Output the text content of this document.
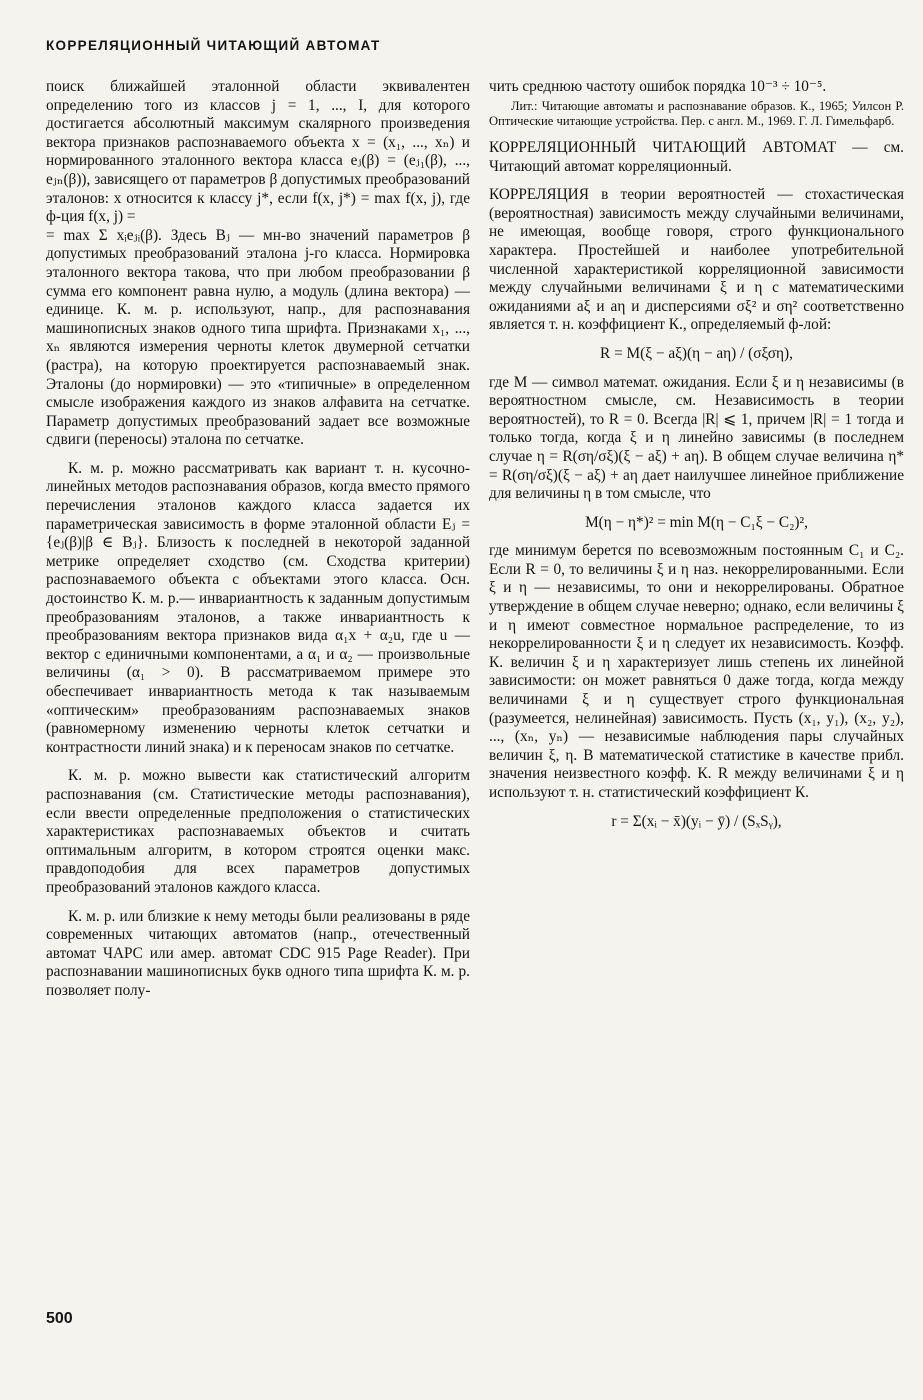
КОРРЕЛЯЦИОННЫЙ ЧИТАЮЩИЙ АВТОМАТ

поиск ближайшей эталонной области эквивалентен определению того из классов j = 1, ..., I, для которого достигается абсолютный максимум скалярного произведения вектора признаков распознаваемого объекта x = (x₁, ..., xₙ) и нормированного эталонного вектора класса eⱼ(β) = (eⱼ₁(β), ..., eⱼₙ(β)), зависящего от параметров β допустимых преобразований эталонов: x относится к классу j*, если f(x, j*) = max f(x, j), где ф-ция f(x, j) =

= max Σ xᵢeⱼᵢ(β). Здесь Bⱼ — мн-во значений параметров β допустимых преобразований эталона j-го класса. Нормировка эталонного вектора такова, что при любом преобразовании β сумма его компонент равна нулю, а модуль (длина вектора) — единице. К. м. р. используют, напр., для распознавания машинописных знаков одного типа шрифта. Признаками x₁, ..., xₙ являются измерения черноты клеток двумерной сетчатки (растра), на которую проектируется распознаваемый знак. Эталоны (до нормировки) — это «типичные» в определенном смысле изображения каждого из знаков алфавита на сетчатке. Параметр допустимых преобразований задает все возможные сдвиги (переносы) эталона по сетчатке.

К. м. р. можно рассматривать как вариант т. н. кусочно-линейных методов распознавания образов, когда вместо прямого перечисления эталонов каждого класса задается их параметрическая зависимость в форме эталонной области Eⱼ = {eⱼ(β)|β ∈ Bⱼ}. Близость к последней в некоторой заданной метрике определяет сходство (см. Сходства критерии) распознаваемого объекта с объектами этого класса. Осн. достоинство К. м. р.— инвариантность к заданным допустимым преобразованиям эталонов, а также инвариантность к преобразованиям вектора признаков вида α₁x + α₂u, где u — вектор с единичными компонентами, а α₁ и α₂ — произвольные величины (α₁ > 0). В рассматриваемом примере это обеспечивает инвариантность метода к так называемым «оптическим» преобразованиям распознаваемых знаков (равномерному изменению черноты клеток сетчатки и контрастности линий знака) и к переносам знаков по сетчатке.

К. м. р. можно вывести как статистический алгоритм распознавания (см. Статистические методы распознавания), если ввести определенные предположения о статистических характеристиках распознаваемых объектов и считать оптимальным алгоритм, в котором строятся оценки макс. правдоподобия для всех параметров допустимых преобразований эталонов каждого класса.

К. м. р. или близкие к нему методы были реализованы в ряде современных читающих автоматов (напр., отечественный автомат ЧАРС или амер. автомат CDC 915 Page Reader). При распознавании машинописных букв одного типа шрифта К. м. р. позволяет полу-

чить среднюю частоту ошибок порядка 10⁻³ ÷ 10⁻⁵.

Лит.: Читающие автоматы и распознавание образов. К., 1965; Уилсон Р. Оптические читающие устройства. Пер. с англ. М., 1969. Г. Л. Гимельфарб.

КОРРЕЛЯЦИОННЫЙ ЧИТАЮЩИЙ АВТОМАТ — см. Читающий автомат корреляционный.

КОРРЕЛЯЦИЯ в теории вероятностей — стохастическая (вероятностная) зависимость между случайными величинами, не имеющая, вообще говоря, строго функционального характера. Простейшей и наиболее употребительной численной характеристикой корреляционной зависимости между случайными величинами ξ и η с математическими ожиданиями aξ и aη и дисперсиями σξ² и ση² соответственно является т. н. коэффициент К., определяемый ф-лой:

R = M(ξ − aξ)(η − aη) / (σξση),

где M — символ математ. ожидания. Если ξ и η независимы (в вероятностном смысле, см. Независимость в теории вероятностей), то R = 0. Всегда |R| ⩽ 1, причем |R| = 1 тогда и только тогда, когда ξ и η линейно зависимы (в последнем случае η = R(ση/σξ)(ξ − aξ) + aη). В общем случае величина η* = R(ση/σξ)(ξ − aξ) + aη дает наилучшее линейное приближение для величины η в том смысле, что

M(η − η*)² = min M(η − C₁ξ − C₂)²,

где минимум берется по всевозможным постоянным C₁ и C₂. Если R = 0, то величины ξ и η наз. некоррелированными. Если ξ и η — независимы, то они и некоррелированы. Обратное утверждение в общем случае неверно; однако, если величины ξ и η имеют совместное нормальное распределение, то из некоррелированности ξ и η следует их независимость. Коэфф. К. величин ξ и η характеризует лишь степень их линейной зависимости: он может равняться 0 даже тогда, когда между величинами ξ и η существует строго функциональная (разумеется, нелинейная) зависимость. Пусть (x₁, y₁), (x₂, y₂), ..., (xₙ, yₙ) — независимые наблюдения пары случайных величин ξ, η. В математической статистике в качестве прибл. значения неизвестного коэфф. К. R между величинами ξ и η используют т. н. статистический коэффициент К.

r = Σ(xᵢ − x̄)(yᵢ − ȳ) / (SₓSᵧ),

500
